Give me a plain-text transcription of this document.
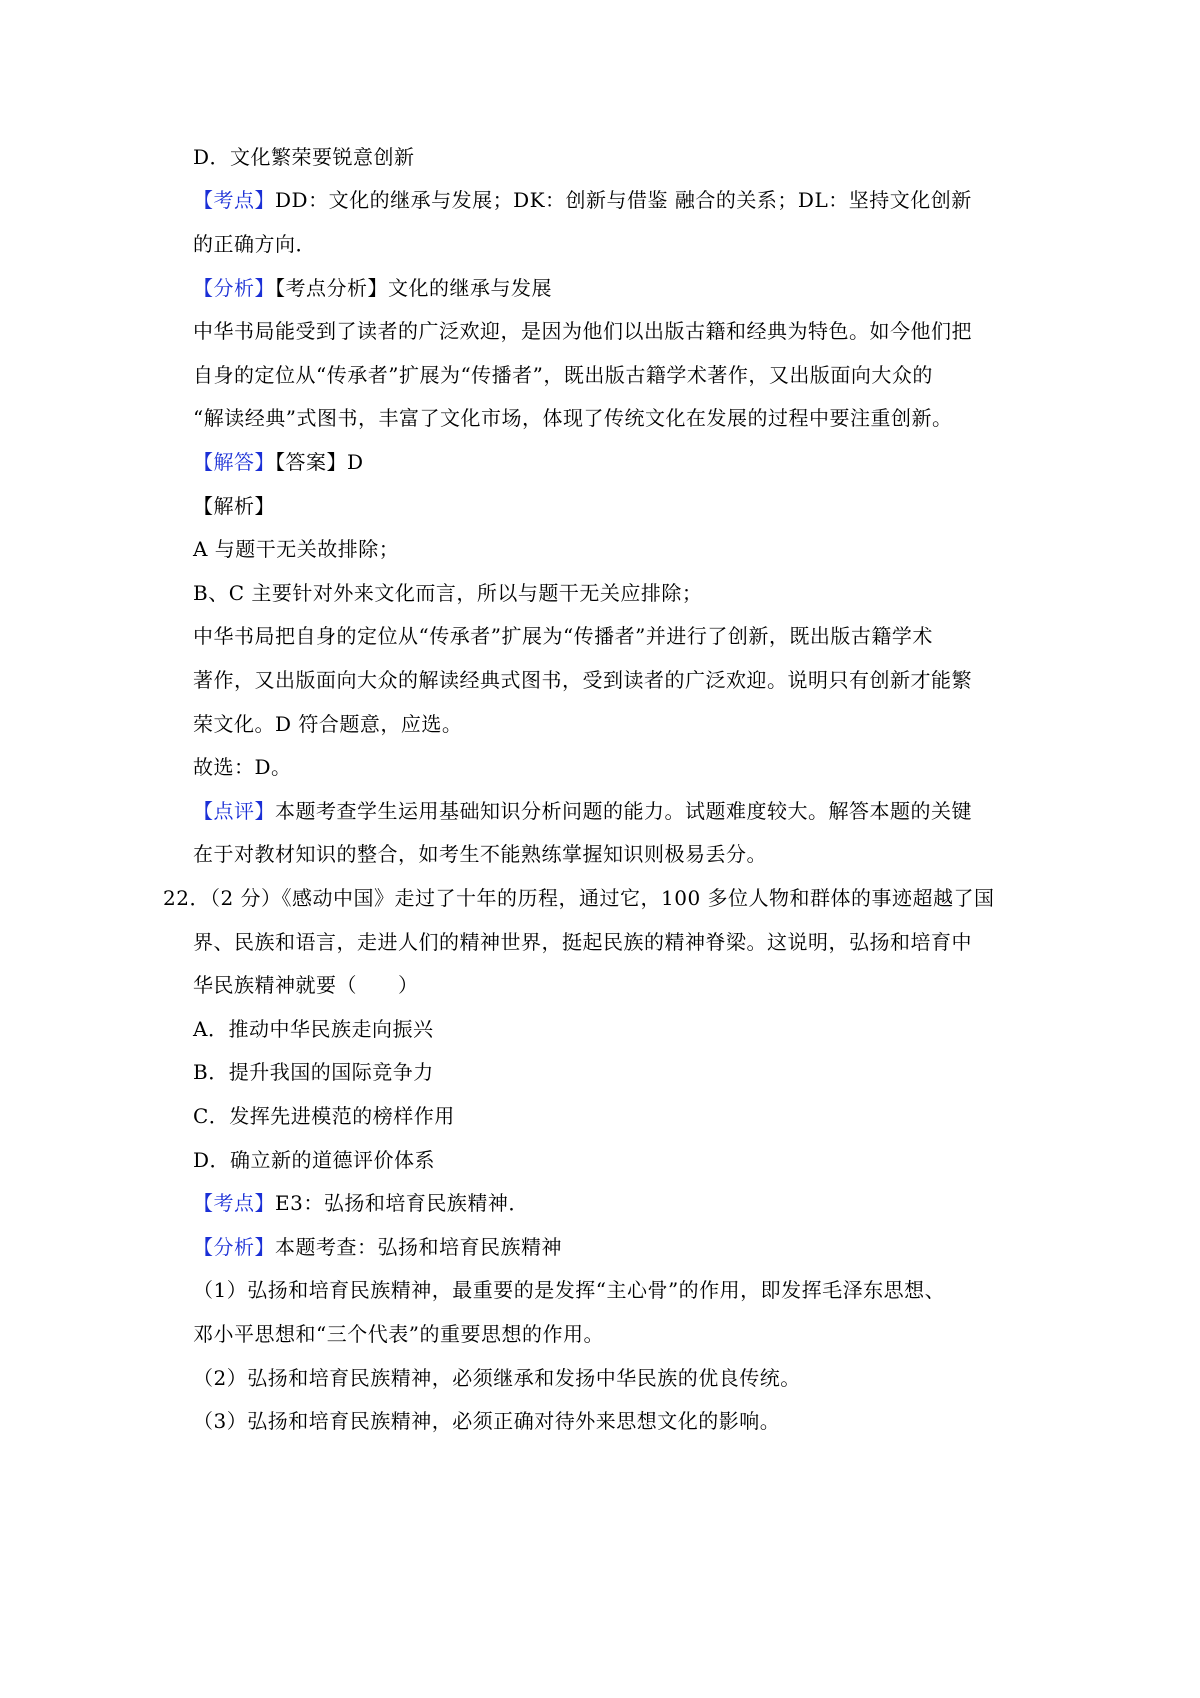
D．文化繁荣要锐意创新
【考点】DD：文化的继承与发展；DK：创新与借鉴 融合的关系；DL：坚持文化创新
的正确方向．
【分析】【考点分析】文化的继承与发展
中华书局能受到了读者的广泛欢迎，是因为他们以出版古籍和经典为特色。如今他们把
自身的定位从“传承者”扩展为“传播者”，既出版古籍学术著作，又出版面向大众的
“解读经典”式图书，丰富了文化市场，体现了传统文化在发展的过程中要注重创新。
【解答】【答案】D
【解析】
A 与题干无关故排除；
B、C 主要针对外来文化而言，所以与题干无关应排除；
中华书局把自身的定位从“传承者”扩展为“传播者”并进行了创新，既出版古籍学术
著作，又出版面向大众的解读经典式图书，受到读者的广泛欢迎。说明只有创新才能繁
荣文化。D 符合题意，应选。
故选：D。
【点评】本题考查学生运用基础知识分析问题的能力。试题难度较大。解答本题的关键
在于对教材知识的整合，如考生不能熟练掌握知识则极易丢分。
22．（2 分）《感动中国》走过了十年的历程，通过它，100 多位人物和群体的事迹超越了国
界、民族和语言，走进人们的精神世界，挺起民族的精神脊梁。这说明，弘扬和培育中
华民族精神就要（　　）
A．推动中华民族走向振兴
B．提升我国的国际竞争力
C．发挥先进模范的榜样作用
D．确立新的道德评价体系
【考点】E3：弘扬和培育民族精神．
【分析】本题考查：弘扬和培育民族精神
（1）弘扬和培育民族精神，最重要的是发挥“主心骨”的作用，即发挥毛泽东思想、
邓小平思想和“三个代表”的重要思想的作用。
（2）弘扬和培育民族精神，必须继承和发扬中华民族的优良传统。
（3）弘扬和培育民族精神，必须正确对待外来思想文化的影响。
